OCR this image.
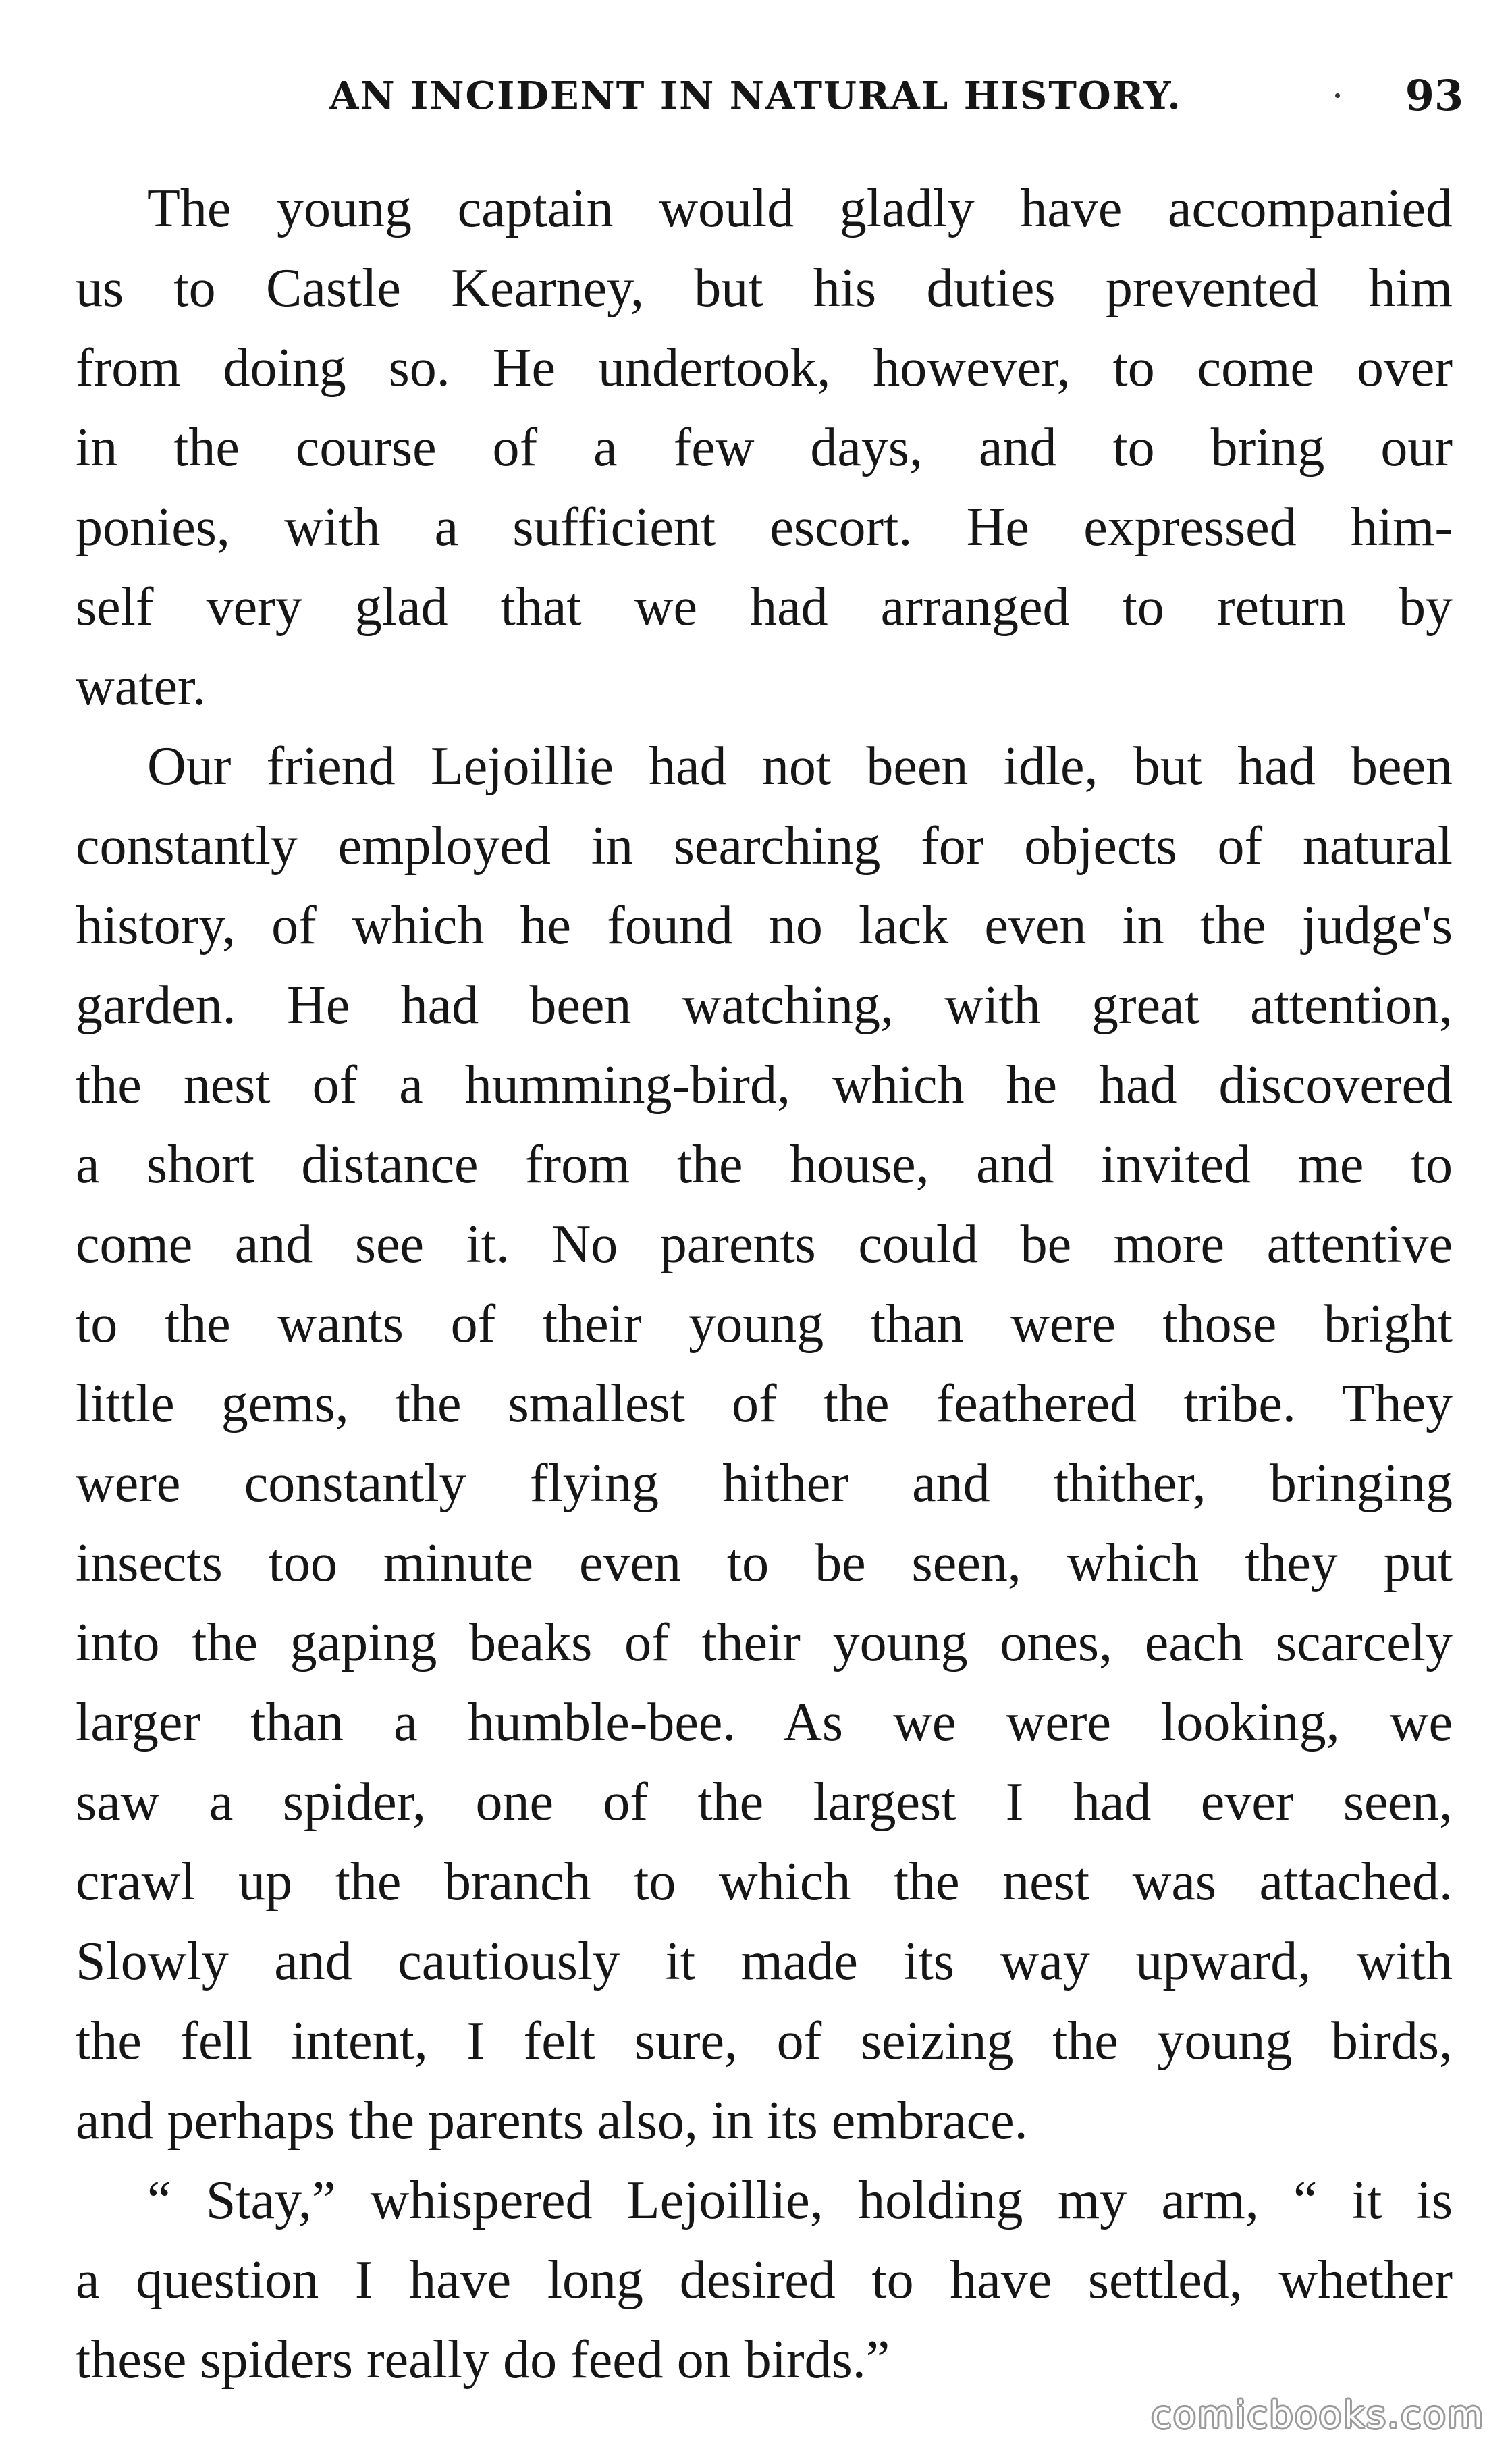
AN INCIDENT IN NATURAL HISTORY.	93

The young captain would gladly have accompanied

us to Castle Kearney, but his duties prevented him

from doing so. He undertook, however, to come over

in the course of a few days, and to bring our

ponies, with a sufficient escort. He expressed him-

self very glad that we had arranged to return by

water.

Our friend Lejoillie had not been idle, but had been

constantly employed in searching for objects of natural

history, of which he found no lack even in the judge's

garden. He had been watching, with great attention,

the nest of a humming-bird, which he had discovered

a short distance from the house, and invited me to

come and see it. No parents could be more attentive

to the wants of their young than were those bright

little gems, the smallest of the feathered tribe. They

were constantly flying hither and thither, bringing

insects too minute even to be seen, which they put

into the gaping beaks of their young ones, each scarcely

larger than a humble-bee. As we were looking, we

saw a spider, one of the largest I had ever seen,

crawl up the branch to which the nest was attached.

Slowly and cautiously it made its way upward, with

the fell intent, I felt sure, of seizing the young birds,

and perhaps the parents also, in its embrace.

“ Stay,” whispered Lejoillie, holding my arm, “ it is

a question I have long desired to have settled, whether

these spiders really do feed on birds.”

comicbooks.com
